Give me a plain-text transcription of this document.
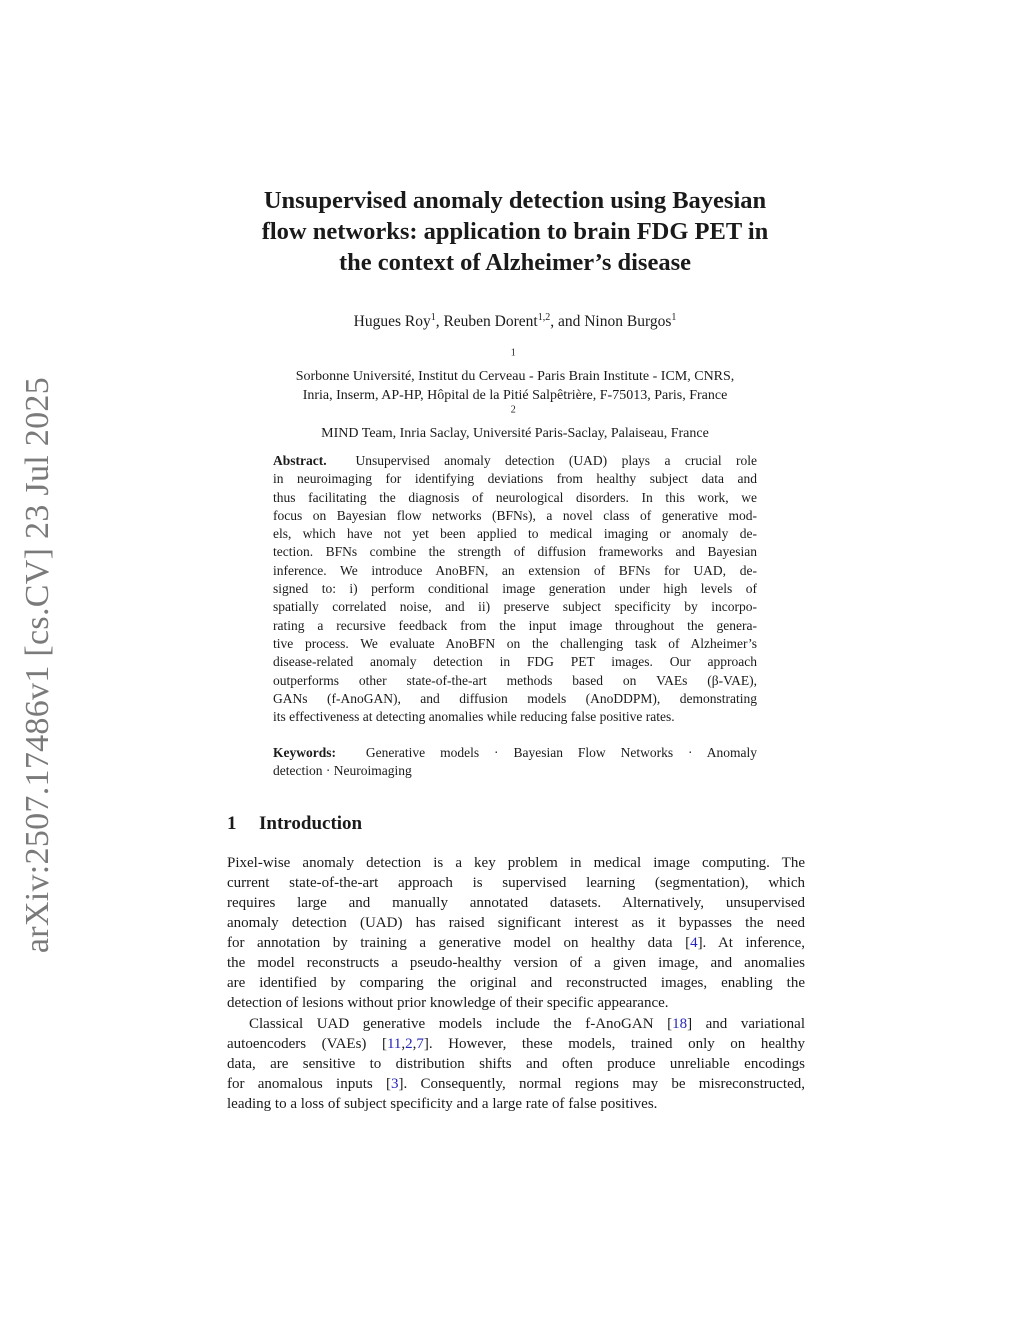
arXiv:2507.17486v1 [cs.CV] 23 Jul 2025
Unsupervised anomaly detection using Bayesian
flow networks: application to brain FDG PET in
the context of Alzheimer’s disease
Hugues Roy$^1$, Reuben Dorent$^{1,2}$, and Ninon Burgos$^1$
$^1$
Sorbonne Université, Institut du Cerveau - Paris Brain Institute - ICM, CNRS,
Inria, Inserm, AP-HP, Hôpital de la Pitié Salpêtrière, F-75013, Paris, France
$^2$
MIND Team, Inria Saclay, Université Paris-Saclay, Palaiseau, France
Abstract. Unsupervised anomaly detection (UAD) plays a crucial role
in neuroimaging for identifying deviations from healthy subject data and
thus facilitating the diagnosis of neurological disorders. In this work, we
focus on Bayesian flow networks (BFNs), a novel class of generative mod-
els, which have not yet been applied to medical imaging or anomaly de-
tection. BFNs combine the strength of diffusion frameworks and Bayesian
inference. We introduce AnoBFN, an extension of BFNs for UAD, de-
signed to: i) perform conditional image generation under high levels of
spatially correlated noise, and ii) preserve subject specificity by incorpo-
rating a recursive feedback from the input image throughout the genera-
tive process. We evaluate AnoBFN on the challenging task of Alzheimer’s
disease-related anomaly detection in FDG PET images. Our approach
outperforms other state-of-the-art methods based on VAEs (β-VAE),
GANs (f-AnoGAN), and diffusion models (AnoDDPM), demonstrating
its effectiveness at detecting anomalies while reducing false positive rates.
Keywords: Generative models · Bayesian Flow Networks · Anomaly
detection · Neuroimaging
1 Introduction
Pixel-wise anomaly detection is a key problem in medical image computing. The
current state-of-the-art approach is supervised learning (segmentation), which
requires large and manually annotated datasets. Alternatively, unsupervised
anomaly detection (UAD) has raised significant interest as it bypasses the need
for annotation by training a generative model on healthy data [4]. At inference,
the model reconstructs a pseudo-healthy version of a given image, and anomalies
are identified by comparing the original and reconstructed images, enabling the
detection of lesions without prior knowledge of their specific appearance.
Classical UAD generative models include the f-AnoGAN [18] and variational
autoencoders (VAEs) [11,2,7]. However, these models, trained only on healthy
data, are sensitive to distribution shifts and often produce unreliable encodings
for anomalous inputs [3]. Consequently, normal regions may be misreconstructed,
leading to a loss of subject specificity and a large rate of false positives.
